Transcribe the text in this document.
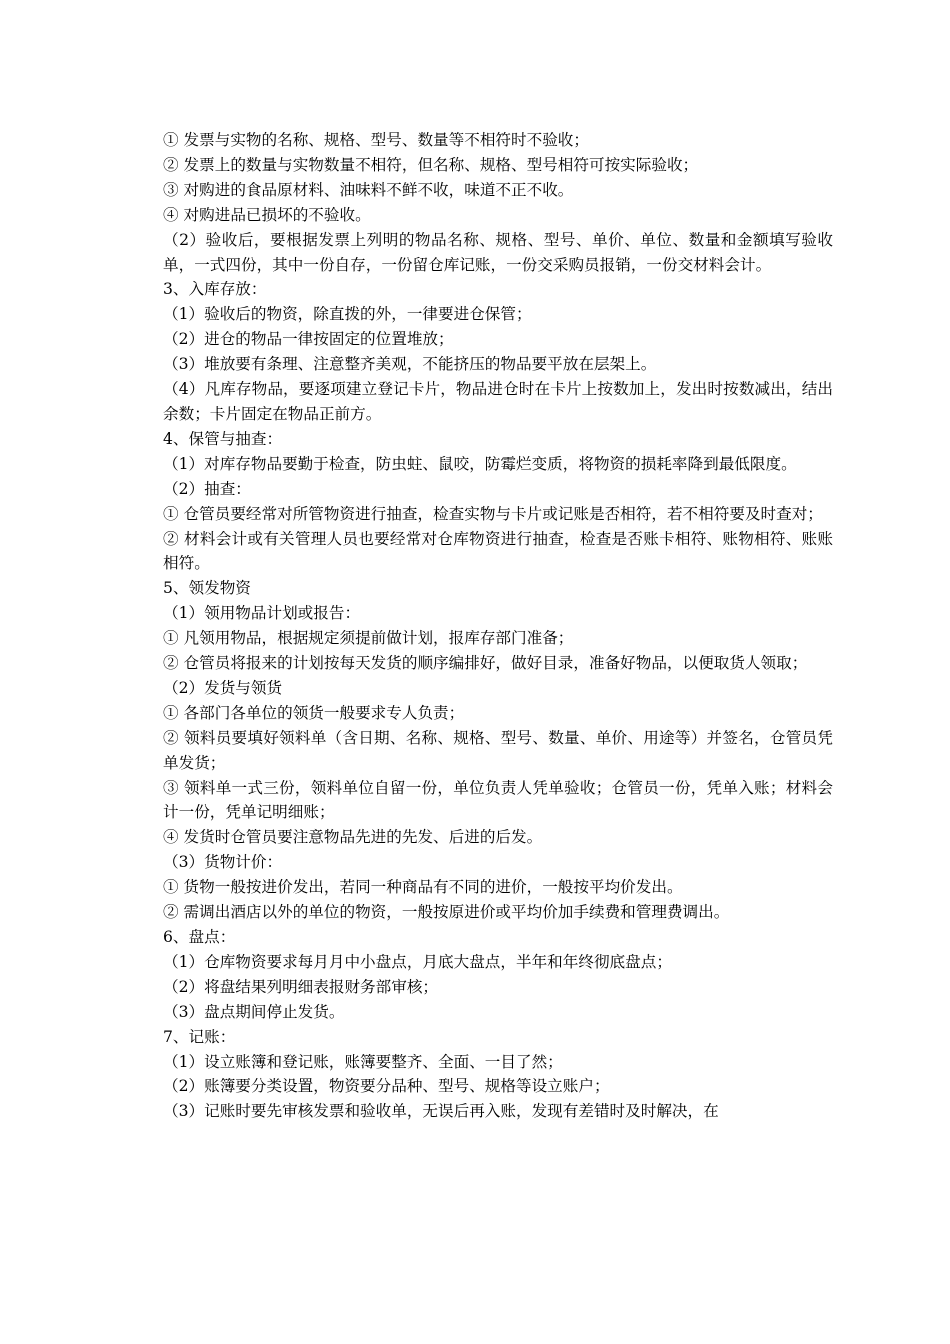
① 发票与实物的名称、规格、型号、数量等不相符时不验收；

② 发票上的数量与实物数量不相符，但名称、规格、型号相符可按实际验收；

③ 对购进的食品原材料、油味料不鲜不收，味道不正不收。

④ 对购进品已损坏的不验收。

（2）验收后，要根据发票上列明的物品名称、规格、型号、单价、单位、数量和金额填写验收单，一式四份，其中一份自存，一份留仓库记账，一份交采购员报销，一份交材料会计。

3、入库存放：

（1）验收后的物资，除直拨的外，一律要进仓保管；

（2）进仓的物品一律按固定的位置堆放；

（3）堆放要有条理、注意整齐美观，不能挤压的物品要平放在层架上。

（4）凡库存物品，要逐项建立登记卡片，物品进仓时在卡片上按数加上，发出时按数减出，结出余数；卡片固定在物品正前方。

4、保管与抽查：

（1）对库存物品要勤于检查，防虫蛀、鼠咬，防霉烂变质，将物资的损耗率降到最低限度。

（2）抽查：

① 仓管员要经常对所管物资进行抽查，检查实物与卡片或记账是否相符，若不相符要及时查对；

② 材料会计或有关管理人员也要经常对仓库物资进行抽查，检查是否账卡相符、账物相符、账账相符。

5、领发物资

（1）领用物品计划或报告：

① 凡领用物品，根据规定须提前做计划，报库存部门准备；

② 仓管员将报来的计划按每天发货的顺序编排好，做好目录，准备好物品，以便取货人领取；

（2）发货与领货

① 各部门各单位的领货一般要求专人负责；

② 领料员要填好领料单（含日期、名称、规格、型号、数量、单价、用途等）并签名，仓管员凭单发货；

③ 领料单一式三份，领料单位自留一份，单位负责人凭单验收；仓管员一份，凭单入账；材料会计一份，凭单记明细账；

④ 发货时仓管员要注意物品先进的先发、后进的后发。

（3）货物计价：

① 货物一般按进价发出，若同一种商品有不同的进价，一般按平均价发出。

② 需调出酒店以外的单位的物资，一般按原进价或平均价加手续费和管理费调出。

6、盘点：

（1）仓库物资要求每月月中小盘点，月底大盘点，半年和年终彻底盘点；

（2）将盘结果列明细表报财务部审核；

（3）盘点期间停止发货。

7、记账：

（1）设立账簿和登记账，账簿要整齐、全面、一目了然；

（2）账簿要分类设置，物资要分品种、型号、规格等设立账户；

（3）记账时要先审核发票和验收单，无误后再入账，发现有差错时及时解决，在
